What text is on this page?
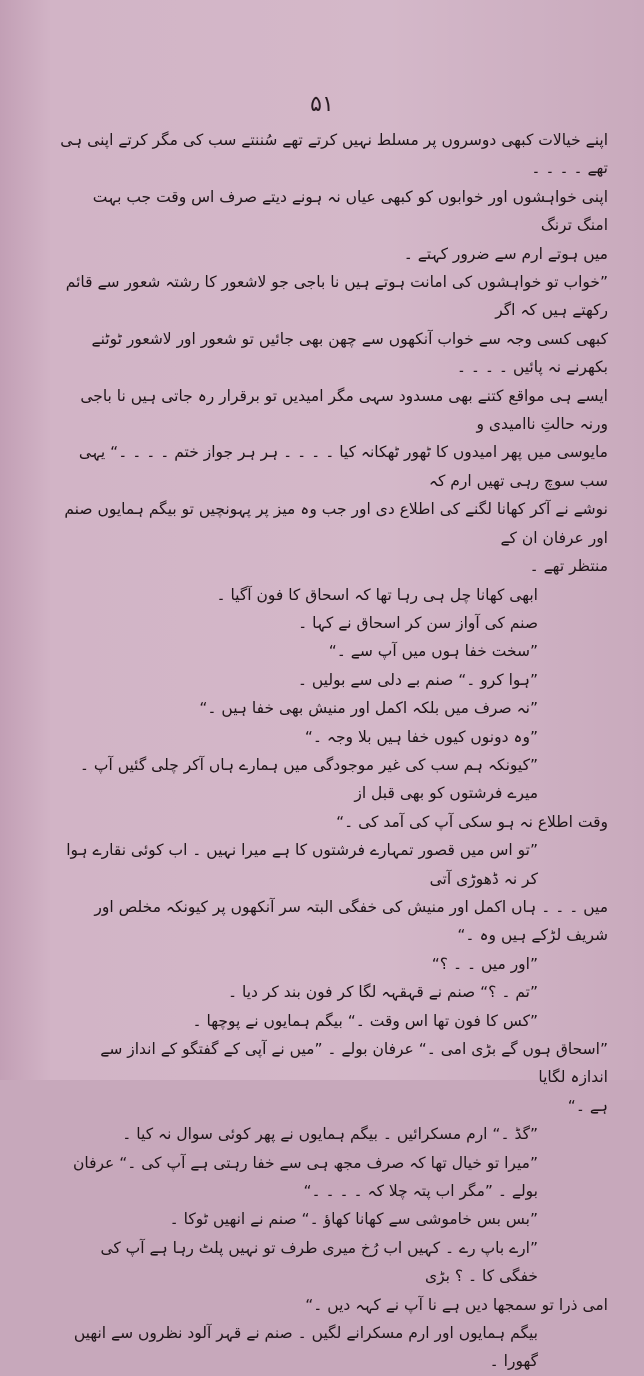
۵۱

اپنے خیالات کبھی دوسروں پر مسلط نہیں کرتے تھے سُننتے سب کی مگر کرتے اپنی ہی تھے ۔ ۔ ۔ ۔

اپنی خواہشوں اور خوابوں کو کبھی عیاں نہ ہونے دیتے صرف اس وقت جب بہت امنگ ترنگ

میں ہوتے ارم سے ضرور کہتے ۔

”خواب تو خواہشوں کی امانت ہوتے ہیں نا باجی جو لاشعور کا رشتہ شعور سے قائم رکھتے ہیں کہ اگر

کبھی کسی وجہ سے خواب آنکھوں سے چھن بھی جائیں تو شعور اور لاشعور ٹوٹنے بکھرنے نہ پائیں ۔ ۔ ۔ ۔

ایسے ہی مواقع کتنے بھی مسدود سہی مگر امیدیں تو برقرار رہ جاتی ہیں نا باجی ورنہ حالتِ ناامیدی و

مایوسی میں پھر امیدوں کا ٹھور ٹھکانہ کیا ۔ ۔ ۔ ۔ ہر ہر جواز ختم ۔ ۔ ۔ ۔“ یہی سب سوچ رہی تھیں ارم کہ

نوشے نے آکر کھانا لگنے کی اطلاع دی اور جب وہ میز پر پہونچیں تو بیگم ہمایوں صنم اور عرفان ان کے

منتظر تھے ۔

ابھی کھانا چل ہی رہا تھا کہ اسحاق کا فون آگیا ۔

صنم کی آواز سن کر اسحاق نے کہا ۔

”سخت خفا ہوں میں آپ سے ۔“

”ہوا کرو ۔“ صنم بے دلی سے بولیں ۔

”نہ صرف میں بلکہ اکمل اور منیش بھی خفا ہیں ۔“

”وہ دونوں کیوں خفا ہیں بلا وجہ ۔“

”کیونکہ ہم سب کی غیر موجودگی میں ہمارے ہاں آکر چلی گئیں آپ ۔ میرے فرشتوں کو بھی قبل از

وقت اطلاع نہ ہو سکی آپ کی آمد کی ۔“

”تو اس میں قصور تمہارے فرشتوں کا ہے میرا نہیں ۔ اب کوئی نقارے ہوا کر نہ ڈھوڑی آتی

میں ۔ ۔ ۔ ہاں اکمل اور منیش کی خفگی البتہ سر آنکھوں پر کیونکہ مخلص اور شریف لڑکے ہیں وہ ۔“

”اور میں ۔ ۔ ؟“

”تم ۔ ؟“ صنم نے قہقہہ لگا کر فون بند کر دیا ۔

”کس کا فون تھا اس وقت ۔“ بیگم ہمایوں نے پوچھا ۔

”اسحاق ہوں گے بڑی امی ۔“ عرفان بولے ۔ ”میں نے آپی کے گفتگو کے انداز سے اندازہ لگایا

ہے ۔“

”گڈ ۔“ ارم مسکرائیں ۔ بیگم ہمایوں نے پھر کوئی سوال نہ کیا ۔

”میرا تو خیال تھا کہ صرف مجھ ہی سے خفا رہتی ہے آپ کی ۔“ عرفان بولے ۔ ”مگر اب پتہ چلا کہ ۔ ۔ ۔ ۔“

”بس بس خاموشی سے کھانا کھاؤ ۔“ صنم نے انھیں ٹوکا ۔

”ارے باپ رے ۔ کہیں اب رُخ میری طرف تو نہیں پلٹ رہا ہے آپ کی خفگی کا ۔ ؟ بڑی

امی ذرا تو سمجھا دیں ہے نا آپ نے کہہ دیں ۔“

بیگم ہمایوں اور ارم مسکرانے لگیں ۔ صنم نے قہر آلود نظروں سے انھیں گھورا ۔
